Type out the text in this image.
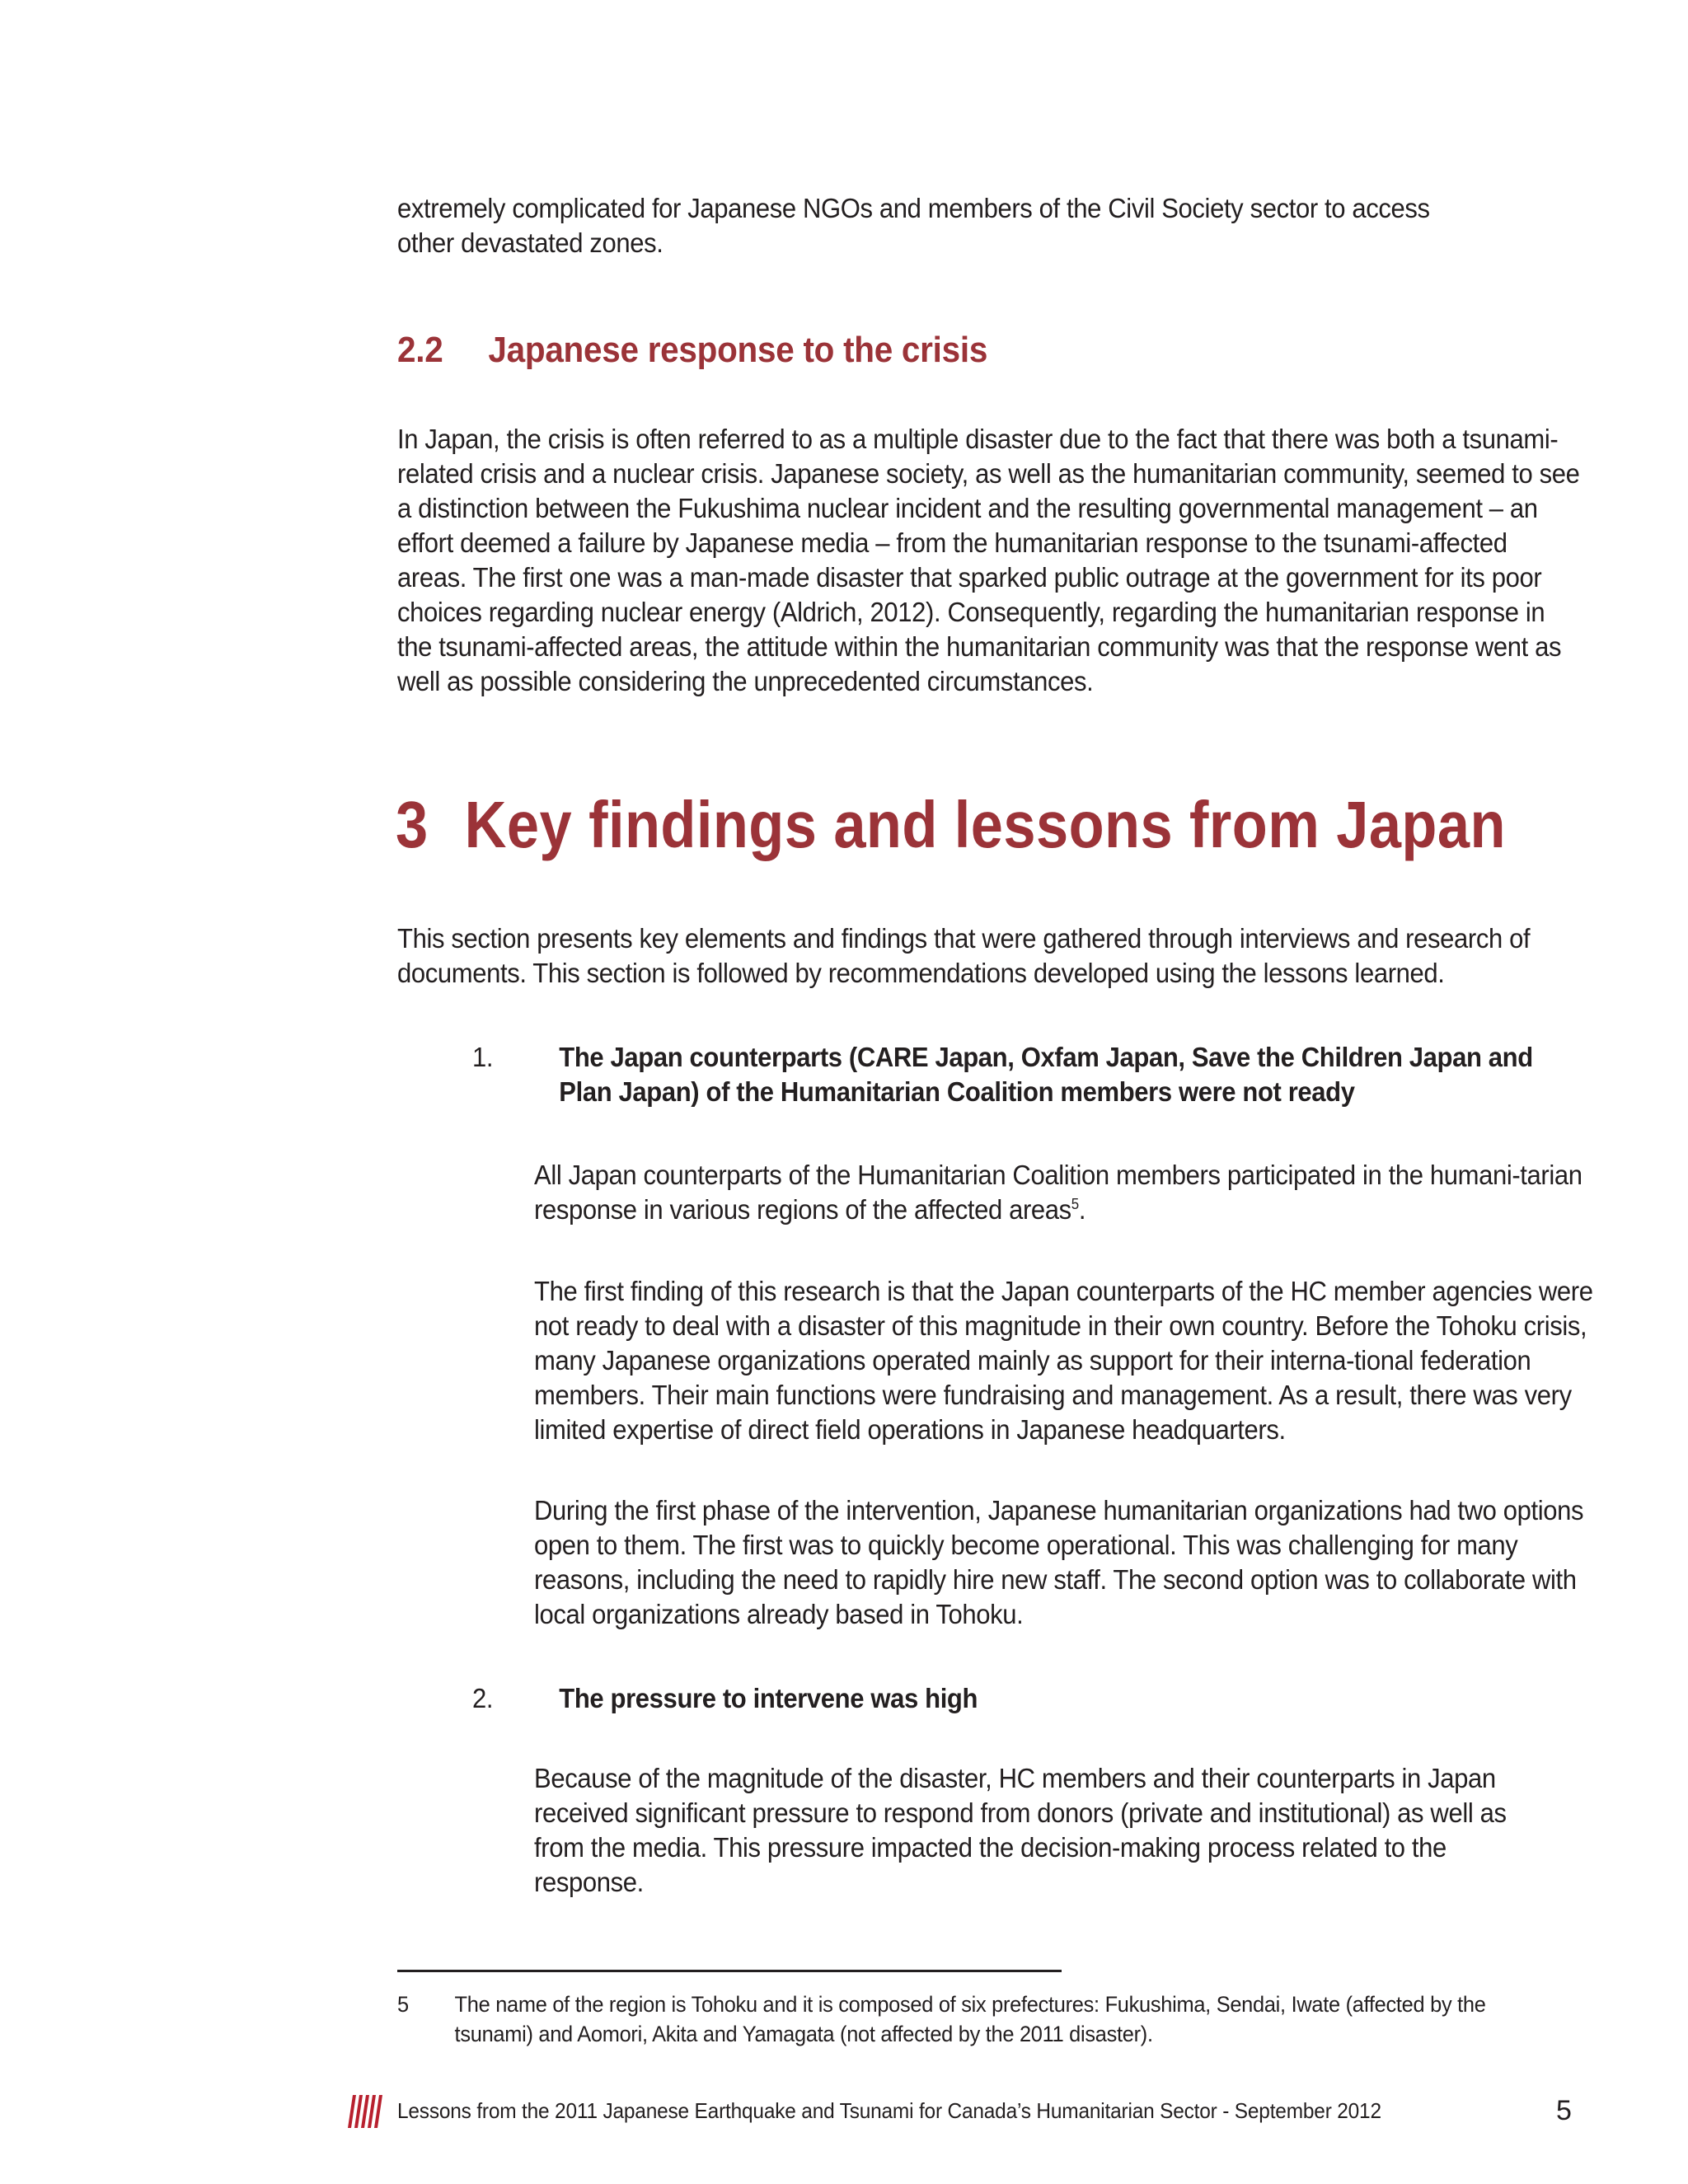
extremely complicated for Japanese NGOs and members of the Civil Society sector to access other devastated zones.

2.2 Japanese response to the crisis

In Japan, the crisis is often referred to as a multiple disaster due to the fact that there was both a tsunami-related crisis and a nuclear crisis. Japanese society, as well as the humanitarian community, seemed to see a distinction between the Fukushima nuclear incident and the resulting governmental management – an effort deemed a failure by Japanese media – from the humanitarian response to the tsunami-affected areas. The first one was a man-made disaster that sparked public outrage at the government for its poor choices regarding nuclear energy (Aldrich, 2012). Consequently, regarding the humanitarian response in the tsunami-affected areas, the attitude within the humanitarian community was that the response went as well as possible considering the unprecedented circumstances.

3 Key findings and lessons from Japan

This section presents key elements and findings that were gathered through interviews and research of documents. This section is followed by recommendations developed using the lessons learned.

1. The Japan counterparts (CARE Japan, Oxfam Japan, Save the Children Japan and Plan Japan) of the Humanitarian Coalition members were not ready

All Japan counterparts of the Humanitarian Coalition members participated in the humani-tarian response in various regions of the affected areas$^5$.

The first finding of this research is that the Japan counterparts of the HC member agencies were not ready to deal with a disaster of this magnitude in their own country. Before the Tohoku crisis, many Japanese organizations operated mainly as support for their interna-tional federation members. Their main functions were fundraising and management. As a result, there was very limited expertise of direct field operations in Japanese headquarters.

During the first phase of the intervention, Japanese humanitarian organizations had two options open to them. The first was to quickly become operational. This was challenging for many reasons, including the need to rapidly hire new staff. The second option was to collaborate with local organizations already based in Tohoku.

2. The pressure to intervene was high

Because of the magnitude of the disaster, HC members and their counterparts in Japan received significant pressure to respond from donors (private and institutional) as well as from the media. This pressure impacted the decision-making process related to the response.

5 The name of the region is Tohoku and it is composed of six prefectures: Fukushima, Sendai, Iwate (affected by the tsunami) and Aomori, Akita and Yamagata (not affected by the 2011 disaster).
Lessons from the 2011 Japanese Earthquake and Tsunami for Canada’s Humanitarian Sector - September 2012	5
